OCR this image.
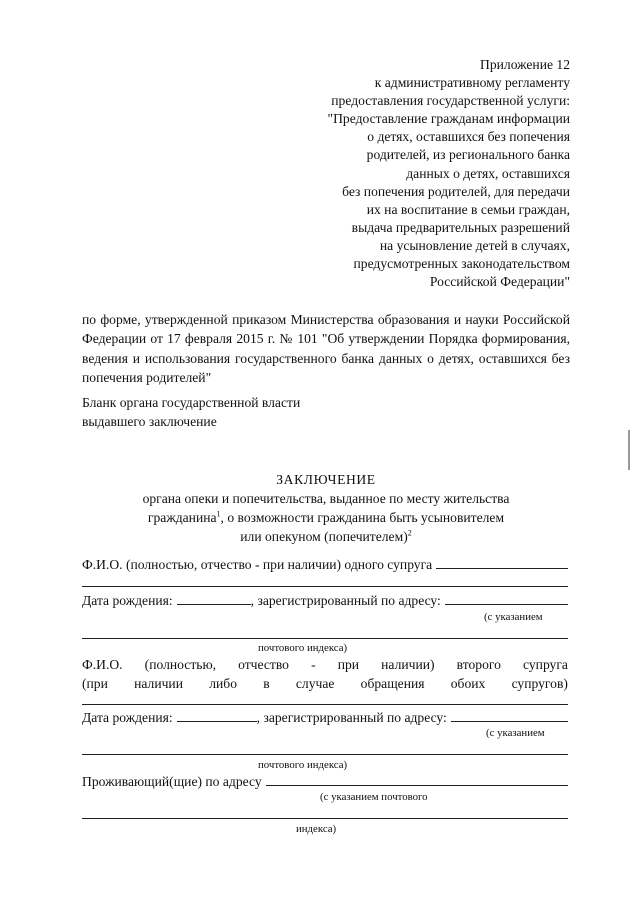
Приложение 12
к административному регламенту
предоставления государственной услуги:
"Предоставление гражданам информации
о детях, оставшихся без попечения
родителей, из регионального банка
данных о детях, оставшихся
без попечения родителей, для передачи
их на воспитание в семьи граждан,
выдача предварительных разрешений
на усыновление детей в случаях,
предусмотренных законодательством
Российской Федерации"
по форме, утвержденной приказом Министерства образования и науки Российской Федерации от 17 февраля 2015 г. № 101 "Об утверждении Порядка формирования, ведения и использования государственного банка данных о детях, оставшихся без попечения родителей"
Бланк органа государственной власти
выдавшего заключение
ЗАКЛЮЧЕНИЕ
органа опеки и попечительства, выданное по месту жительства
гражданина$^1$, о возможности гражданина быть усыновителем
или опекуном (попечителем)$^2$
Ф.И.О. (полностью, отчество - при наличии) одного супруга
Дата рождения:	, зарегистрированный по адресу:
(с указанием
почтового индекса)
Ф.И.О. (полностью, отчество - при наличии) второго супруга
(при наличии либо в случае обращения обоих супругов)
Дата рождения:	, зарегистрированный по адресу:
(с указанием
почтового индекса)
Проживающий(щие) по адресу
(с указанием почтового
индекса)
